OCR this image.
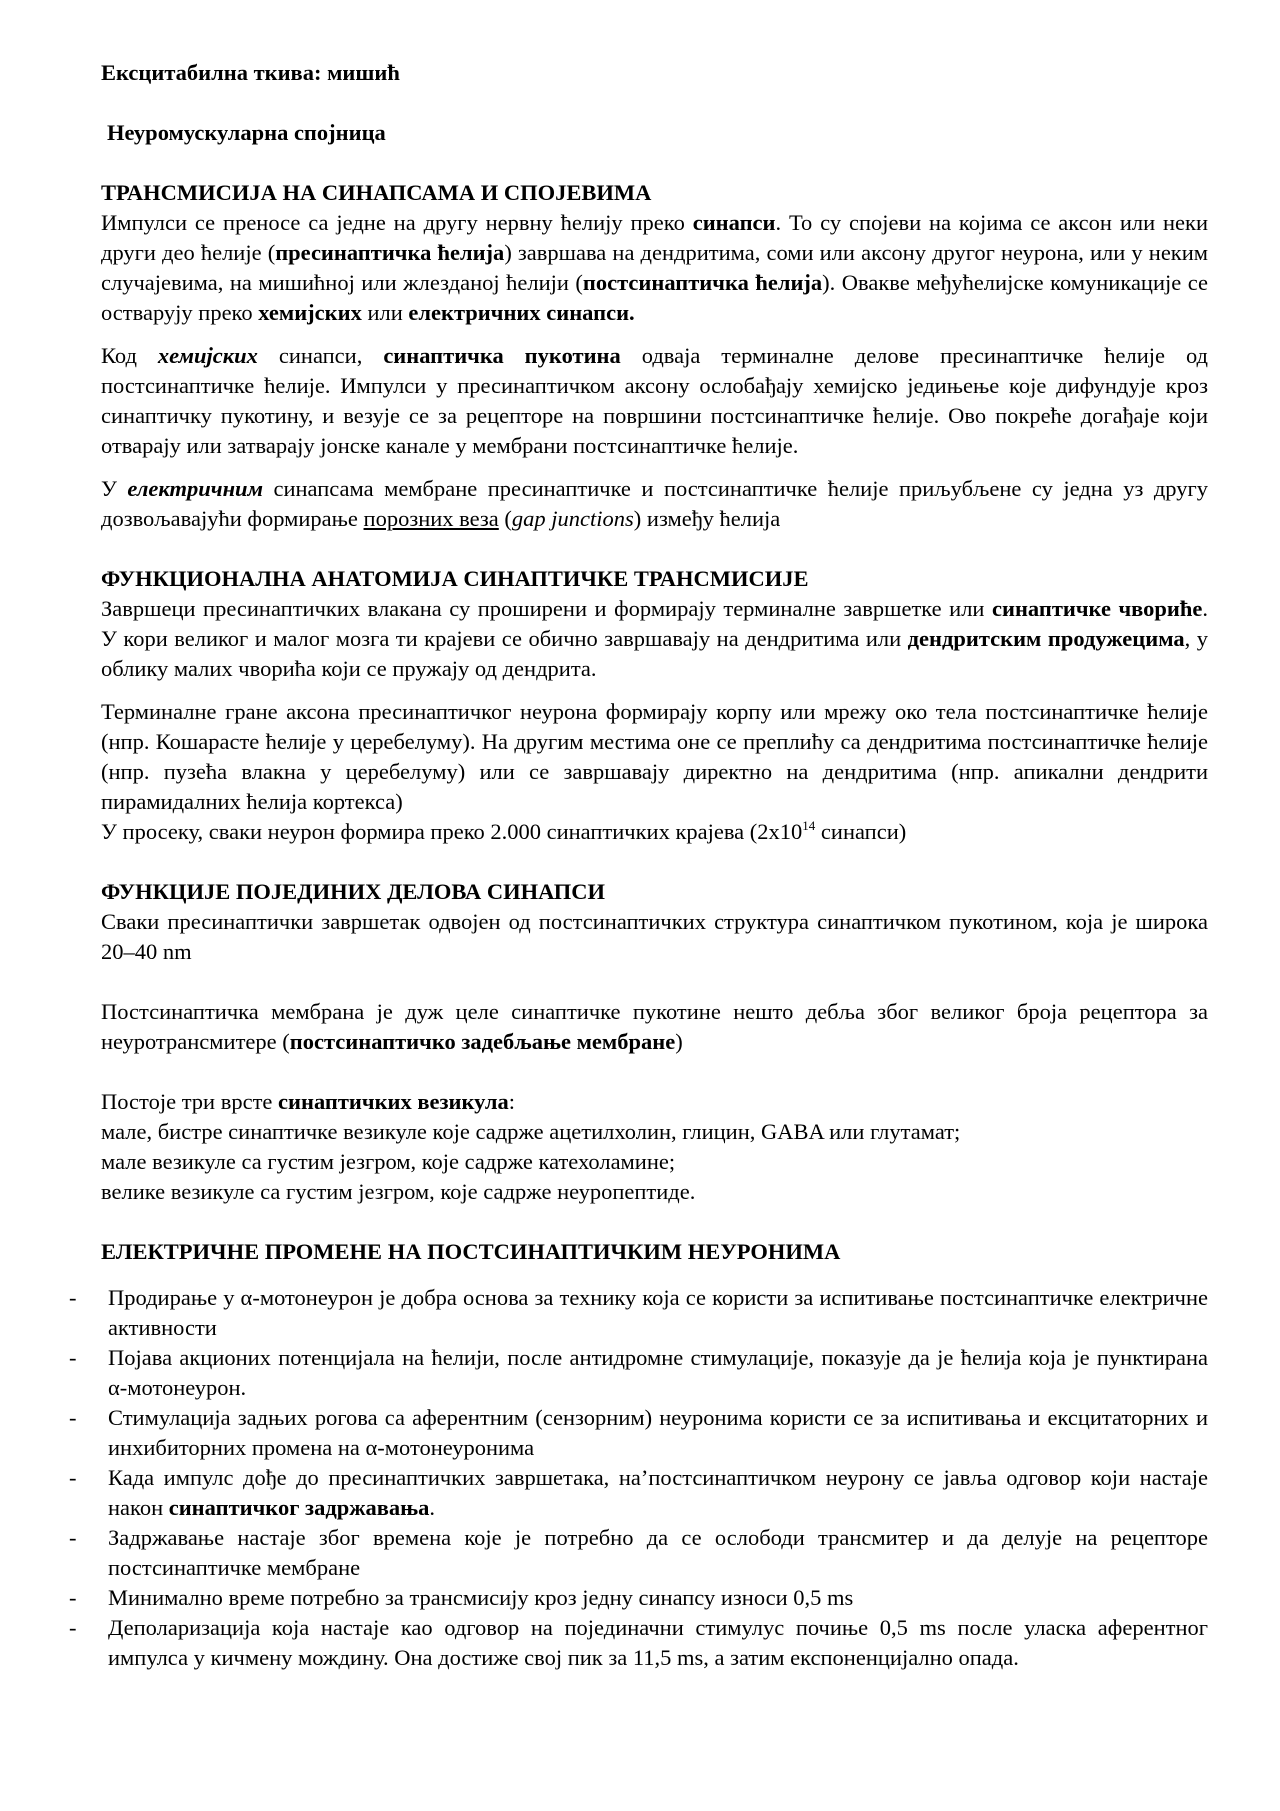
Ексцитабилна ткива: мишић

Неуромускуларна спојница

ТРАНСМИСИЈА НА СИНАПСАМА И СПОЈЕВИМА

Импулси се преносе са једне на другу нервну ћелију преко синапси. То су спојеви на којима се аксон или неки други део ћелије (пресинаптичка ћелија) завршава на дендритима, соми или аксону другог неурона, или у неким случајевима, на мишићној или жлезданој ћелији (постсинаптичка ћелија). Овакве међућелијске комуникације се остварују преко хемијских или електричних синапси.

Код хемијских синапси, синаптичка пукотина одваја терминалне делове пресинаптичке ћелије од постсинаптичке ћелије. Импулси у пресинаптичком аксону ослобађају хемијско једињење које дифундује кроз синаптичку пукотину, и везује се за рецепторе на површини постсинаптичке ћелије. Ово покреће догађаје који отварају или затварају јонске канале у мембрани постсинаптичке ћелије.

У електричним синапсама мембране пресинаптичке и постсинаптичке ћелије приљубљене су једна уз другу дозвољавајући формирање порозних веза (gap junctions) између ћелија

ФУНКЦИОНАЛНА АНАТОМИЈА СИНАПТИЧКЕ ТРАНСМИСИЈЕ

Завршеци пресинаптичких влакана су проширени и формирају терминалне завршетке или синаптичке чвориће. У кори великог и малог мозга ти крајеви се обично завршавају на дендритима или дендритским продужецима, у облику малих чворића који се пружају од дендрита.

Терминалне гране аксона пресинаптичког неурона формирају корпу или мрежу око тела постсинаптичке ћелије (нпр. Кошарасте ћелије у церебелуму). На другим местима оне се преплићу са дендритима постсинаптичке ћелије (нпр. пузећа влакна у церебелуму) или се завршавају директно на дендритима (нпр. апикални дендрити пирамидалних ћелија кортекса)

У просеку, сваки неурон формира преко 2.000 синаптичких крајева ($2x10^{14}$ синапси)

ФУНКЦИЈЕ ПОЈЕДИНИХ ДЕЛОВА СИНАПСИ

Сваки пресинаптички завршетак одвојен од постсинаптичких структура синаптичком пукотином, која је широка 20–40 nm

Постсинаптичка мембрана је дуж целе синаптичке пукотине нешто дебља због великог броја рецептора за неуротрансмитере (постсинаптичко задебљање мембране)

Постоје три врсте синаптичких везикула:

мале, бистре синаптичке везикуле које садрже ацетилхолин, глицин, GABA или глутамат;

мале везикуле са густим језгром, које садрже катехоламине;

велике везикуле са густим језгром, које садрже неуропептиде.

ЕЛЕКТРИЧНЕ ПРОМЕНЕ НА ПОСТСИНАПТИЧКИМ НЕУРОНИМА

- Продирање у α-мотонеурон је добра основа за технику која се користи за испитивање постсинаптичке електричне активности
- Појава акционих потенцијала на ћелији, после антидромне стимулације, показује да је ћелија која је пунктирана α-мотонеурон.
- Стимулација задњих рогова са аферентним (сензорним) неуронима користи се за испитивања и ексцитаторних и инхибиторних промена на α-мотонеуронима
- Када импулс дође до пресинаптичких завршетака, на’постсинаптичком неурону се јавља одговор који настаје након синаптичког задржавања.
- Задржавање настаје због времена које је потребно да се ослободи трансмитер и да делује на рецепторе постсинаптичке мембране
- Минимално време потребно за трансмисију кроз једну синапсу износи 0,5 ms
- Деполаризација која настаје као одговор на појединачни стимулус почиње 0,5 ms после уласка аферентног импулса у кичмену мождину. Она достиже свој пик за 11,5 ms, а затим експоненцијално опада.
